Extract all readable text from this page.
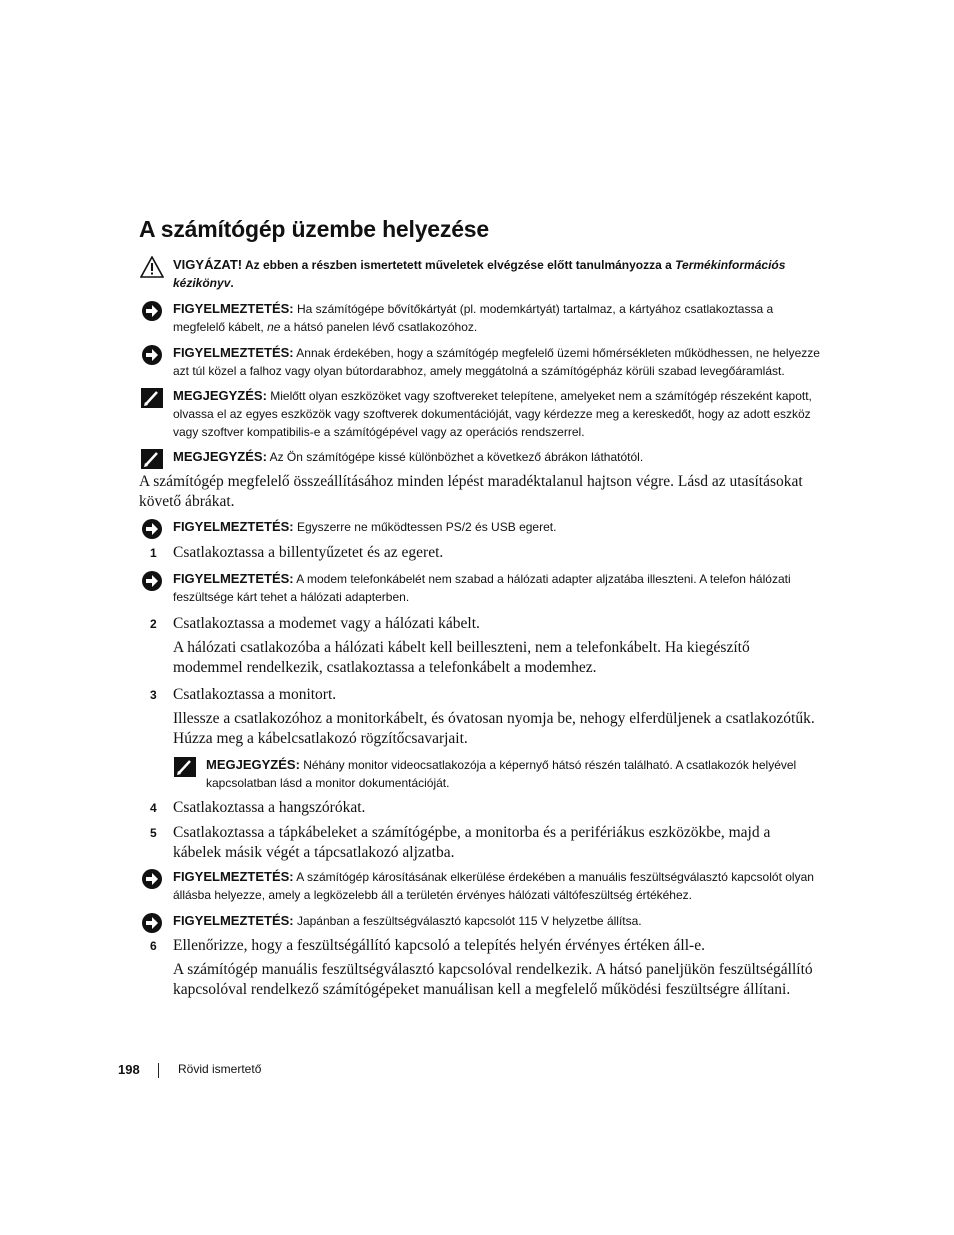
A számítógép üzembe helyezése
VIGYÁZAT! Az ebben a részben ismertetett műveletek elvégzése előtt tanulmányozza a Termékinformációs kézikönyv.
FIGYELMEZTETÉS: Ha számítógépe bővítőkártyát (pl. modemkártyát) tartalmaz, a kártyához csatlakoztassa a megfelelő kábelt, ne a hátsó panelen lévő csatlakozóhoz.
FIGYELMEZTETÉS: Annak érdekében, hogy a számítógép megfelelő üzemi hőmérsékleten működhessen, ne helyezze azt túl közel a falhoz vagy olyan bútordarabhoz, amely meggátolná a számítógépház körüli szabad levegőáramlást.
MEGJEGYZÉS: Mielőtt olyan eszközöket vagy szoftvereket telepítene, amelyeket nem a számítógép részeként kapott, olvassa el az egyes eszközök vagy szoftverek dokumentációját, vagy kérdezze meg a kereskedőt, hogy az adott eszköz vagy szoftver kompatibilis-e a számítógépével vagy az operációs rendszerrel.
MEGJEGYZÉS: Az Ön számítógépe kissé különbözhet a következő ábrákon láthatótól.

A számítógép megfelelő összeállításához minden lépést maradéktalanul hajtson végre. Lásd az utasításokat követő ábrákat.

FIGYELMEZTETÉS: Egyszerre ne működtessen PS/2 és USB egeret.
1 Csatlakoztassa a billentyűzetet és az egeret.
FIGYELMEZTETÉS: A modem telefonkábelét nem szabad a hálózati adapter aljzatába illeszteni. A telefon hálózati feszültsége kárt tehet a hálózati adapterben.
2 Csatlakoztassa a modemet vagy a hálózati kábelt.

A hálózati csatlakozóba a hálózati kábelt kell beilleszteni, nem a telefonkábelt. Ha kiegészítő modemmel rendelkezik, csatlakoztassa a telefonkábelt a modemhez.

3 Csatlakoztassa a monitort.

Illessze a csatlakozóhoz a monitorkábelt, és óvatosan nyomja be, nehogy elferdüljenek a csatlakozótűk. Húzza meg a kábelcsatlakozó rögzítőcsavarjait.

MEGJEGYZÉS: Néhány monitor videocsatlakozója a képernyő hátsó részén található. A csatlakozók helyével kapcsolatban lásd a monitor dokumentációját.
4 Csatlakoztassa a hangszórókat.
5 Csatlakoztassa a tápkábeleket a számítógépbe, a monitorba és a perifériákus eszközökbe, majd a kábelek másik végét a tápcsatlakozó aljzatba.
FIGYELMEZTETÉS: A számítógép károsításának elkerülése érdekében a manuális feszültségválasztó kapcsolót olyan állásba helyezze, amely a legközelebb áll a területén érvényes hálózati váltófeszültség értékéhez.
FIGYELMEZTETÉS: Japánban a feszültségválasztó kapcsolót 115 V helyzetbe állítsa.
6 Ellenőrizze, hogy a feszültségállító kapcsoló a telepítés helyén érvényes értéken áll-e.

A számítógép manuális feszültségválasztó kapcsolóval rendelkezik. A hátsó paneljükön feszültségállító kapcsolóval rendelkező számítógépeket manuálisan kell a megfelelő működési feszültségre állítani.

198	Rövid ismertető
